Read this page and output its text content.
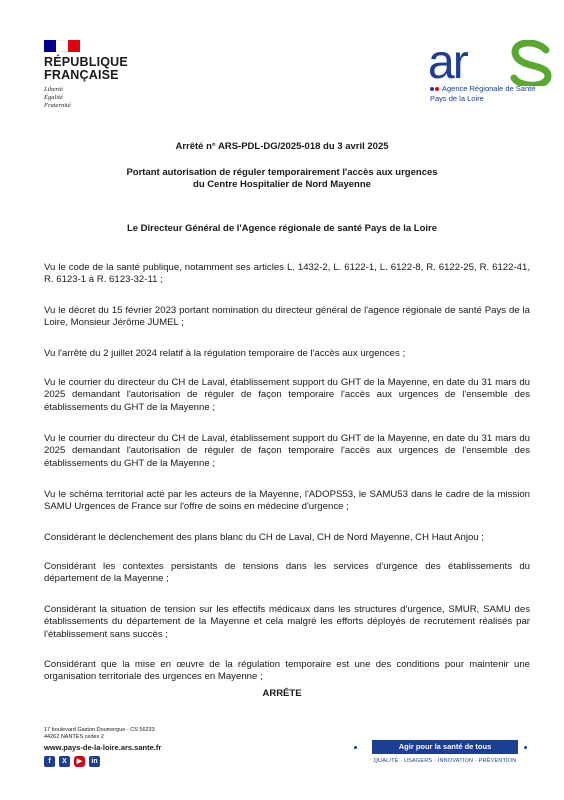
RÉPUBLIQUE
FRANÇAISE
Liberté
Égalité
Fraternité
ar
Agence Régionale de Santé
Pays de la Loire
Arrêté n° ARS-PDL-DG/2025-018 du 3 avril 2025
Portant autorisation de réguler temporairement l'accès aux urgences
du Centre Hospitalier de Nord Mayenne
Le Directeur Général de l'Agence régionale de santé Pays de la Loire
Vu le code de la santé publique, notamment ses articles L. 1432-2, L. 6122-1, L. 6122-8, R. 6122-25, R. 6122-41, R. 6123-1 à R. 6123-32-11 ;
Vu le décret du 15 février 2023 portant nomination du directeur général de l'agence régionale de santé Pays de la Loire, Monsieur Jérôme JUMEL ;
Vu l'arrêté du 2 juillet 2024 relatif à la régulation temporaire de l'accès aux urgences ;
Vu le courrier du directeur du CH de Laval, établissement support du GHT de la Mayenne, en date du 31 mars du 2025 demandant l'autorisation de réguler de façon temporaire l'accès aux urgences de l'ensemble des établissements du GHT de la Mayenne ;
Vu le courrier du directeur du CH de Laval, établissement support du GHT de la Mayenne, en date du 31 mars du 2025 demandant l'autorisation de réguler de façon temporaire l'accès aux urgences de l'ensemble des établissements du GHT de la Mayenne ;
Vu le schéma territorial acté par les acteurs de la Mayenne, l'ADOPS53, le SAMU53 dans le cadre de la mission SAMU Urgences de France sur l'offre de soins en médecine d'urgence ;
Considérant le déclenchement des plans blanc du CH de Laval, CH de Nord Mayenne, CH Haut Anjou ;
Considérant les contextes persistants de tensions dans les services d'urgence des établissements du département de la Mayenne ;
Considérant la situation de tension sur les effectifs médicaux dans les structures d'urgence, SMUR, SAMU des établissements du département de la Mayenne et cela malgré les efforts déployés de recrutement réalisés par l'établissement sans succès ;
Considérant que la mise en œuvre de la régulation temporaire est une des conditions pour maintenir une organisation territoriale des urgences en Mayenne ;
ARRÊTE
17 boulevard Gaston Doumergue - CS 56233
44262 NANTES cedex 2
www.pays-de-la-loire.ars.sante.fr
f	X	▶	in
Agir pour la santé de tous
QUALITÉ · USAGERS · INNOVATION · PRÉVENTION
